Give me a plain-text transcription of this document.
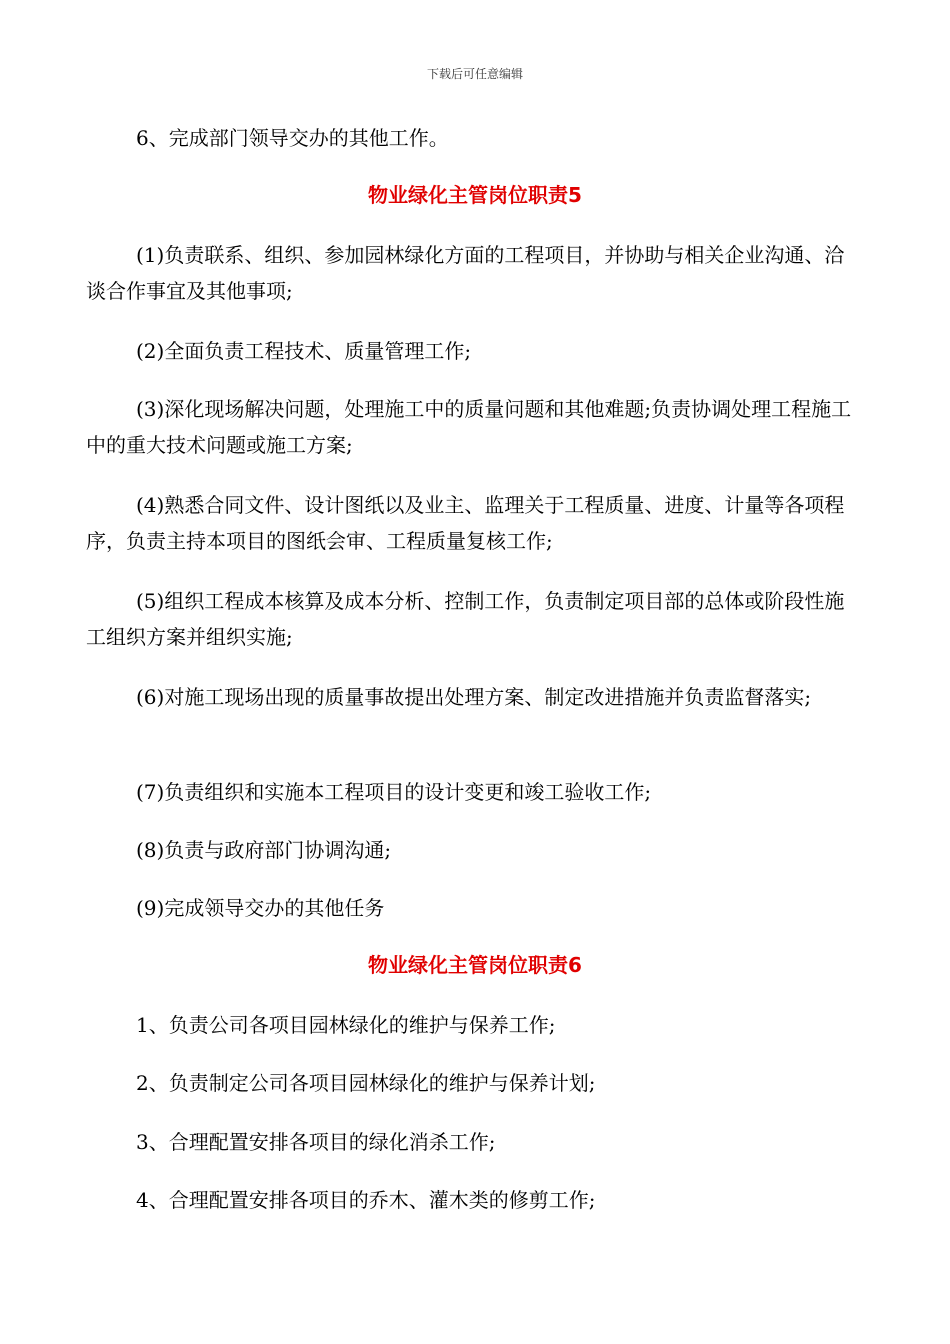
下载后可任意编辑

6、完成部门领导交办的其他工作。

物业绿化主管岗位职责5

(1)负责联系、组织、参加园林绿化方面的工程项目，并协助与相关企业沟通、洽谈合作事宜及其他事项;

(2)全面负责工程技术、质量管理工作;

(3)深化现场解决问题，处理施工中的质量问题和其他难题;负责协调处理工程施工中的重大技术问题或施工方案;

(4)熟悉合同文件、设计图纸以及业主、监理关于工程质量、进度、计量等各项程序，负责主持本项目的图纸会审、工程质量复核工作;

(5)组织工程成本核算及成本分析、控制工作，负责制定项目部的总体或阶段性施工组织方案并组织实施;

(6)对施工现场出现的质量事故提出处理方案、制定改进措施并负责监督落实;

(7)负责组织和实施本工程项目的设计变更和竣工验收工作;

(8)负责与政府部门协调沟通;

(9)完成领导交办的其他任务

物业绿化主管岗位职责6

1、负责公司各项目园林绿化的维护与保养工作;

2、负责制定公司各项目园林绿化的维护与保养计划;

3、合理配置安排各项目的绿化消杀工作;

4、合理配置安排各项目的乔木、灌木类的修剪工作;
